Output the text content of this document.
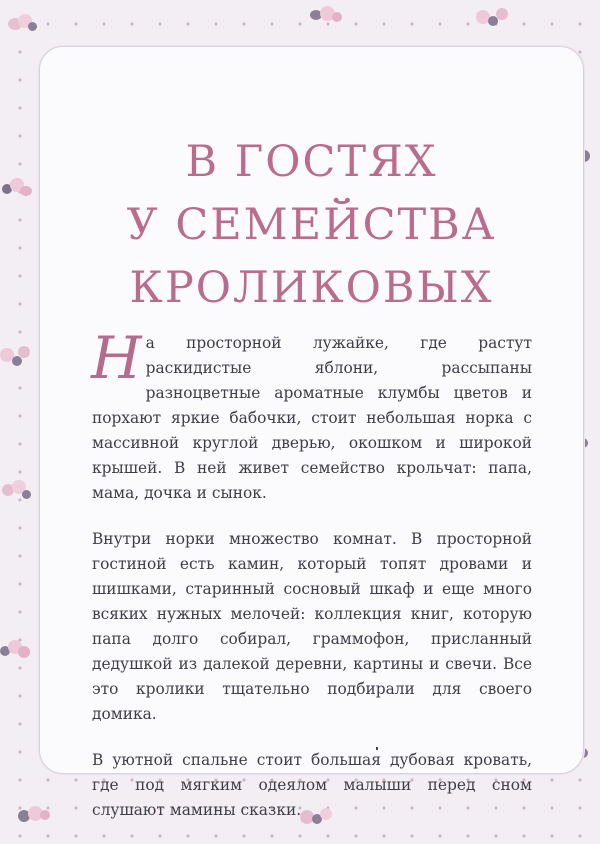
В ГОСТЯХ
У СЕМЕЙСТВА
КРОЛИКОВЫХ

На просторной лужайке, где растут раскидистые яблони, рассыпаны разноцветные ароматные клумбы цветов и порхают яркие бабочки, стоит небольшая норка с массивной круглой дверью, окошком и широкой крышей. В ней живет семейство крольчат: папа, мама, дочка и сынок.

Внутри норки множество комнат. В просторной гостиной есть камин, который топят дровами и шишками, старинный сосновый шкаф и еще много всяких нужных мелочей: коллекция книг, которую папа долго собирал, граммофон, присланный дедушкой из далекой деревни, картины и свечи. Все это кролики тщательно подбирали для своего домика.

В уютной спальне стоит большая дубовая кровать, где под мягким одеялом малыши перед сном слушают мамины сказки.
